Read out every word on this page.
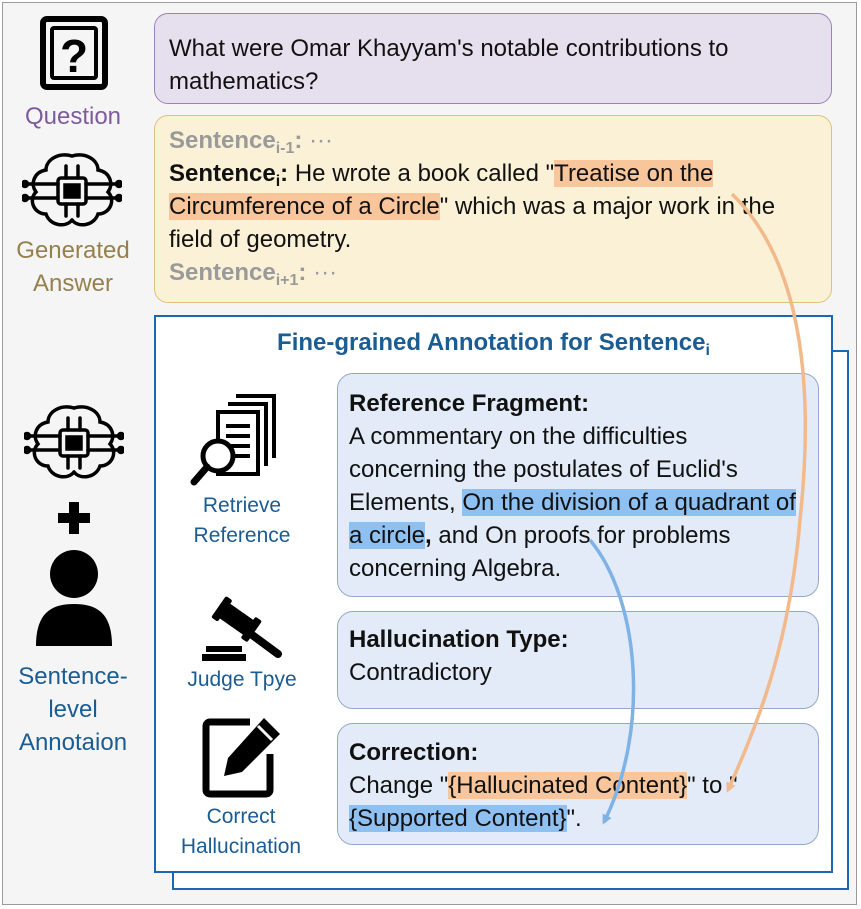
?
Question
Generated
Answer
What were Omar Khayyam's notable contributions to mathematics?
Sentence$_{i-1}$: ···
Sentence$_i$: He wrote a book called "Treatise on the Circumference of a Circle" which was a major work in the field of geometry.
Sentence$_{i+1}$: ···
Fine-grained Annotation for Sentence$_i$
Sentence-
level
Annotaion
Retrieve
Reference
Judge Tpye
Correct
Hallucination
Reference Fragment:
A commentary on the difficulties concerning the postulates of Euclid's Elements, On the division of a quadrant of a circle, and On proofs for problems concerning Algebra.
Hallucination Type:
Contradictory
Correction:
Change "{Hallucinated Content}" to "{Supported Content}".
